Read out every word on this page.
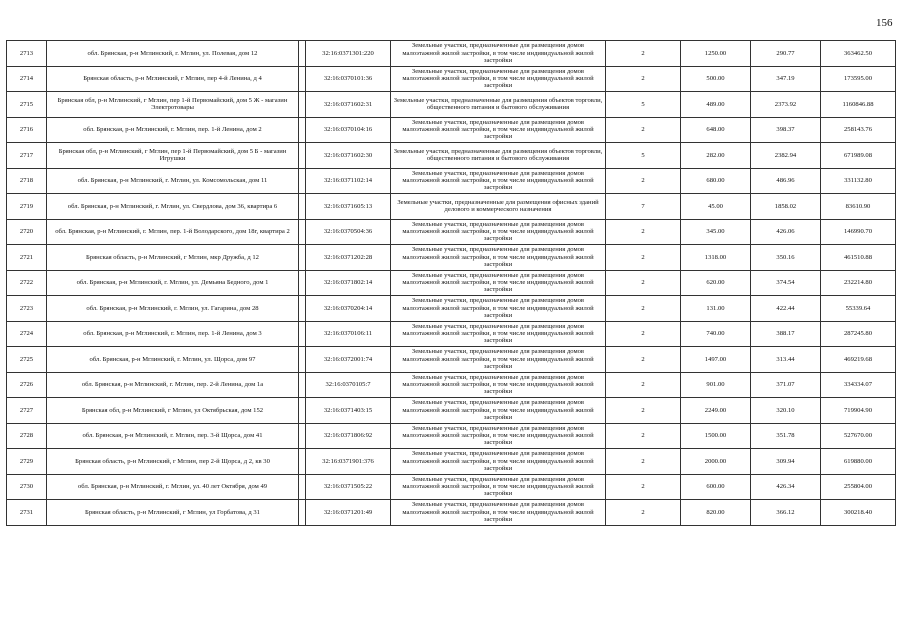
156
2713	обл. Брянская, р-н Мглинский, г. Мглин, ул. Полевая, дом 12		32:16:0371301:220	Земельные участки, предназначенные для размещения домов малоэтажной жилой застройки, в том числе индивидуальной жилой застройки	2	1250.00	290.77	363462.50
2714	Брянская область, р-н Мглинский, г Мглин, пер 4-й Ленина, д 4		32:16:0370101:36	Земельные участки, предназначенные для размещения домов малоэтажной жилой застройки, в том числе индивидуальной жилой застройки	2	500.00	347.19	173595.00
2715	Брянская обл, р-н Мглинский, г Мглин, пер 1-й Первомайский, дом 5 Ж - магазин Электротовары		32:16:0371602:31	Земельные участки, предназначенные для размещения объектов торговли, общественного питания и бытового обслуживания	5	489.00	2373.92	1160846.88
2716	обл. Брянская, р-н Мглинский, г. Мглин, пер. 1-й Ленина, дом 2		32:16:0370104:16	Земельные участки, предназначенные для размещения домов малоэтажной жилой застройки, в том числе индивидуальной жилой застройки	2	648.00	398.37	258143.76
2717	Брянская обл, р-н Мглинский, г Мглин, пер 1-й Первомайский, дом 5 Б - магазин Игрушки		32:16:0371602:30	Земельные участки, предназначенные для размещения объектов торговли, общественного питания и бытового обслуживания	5	282.00	2382.94	671989.08
2718	обл. Брянская, р-н Мглинский, г. Мглин, ул. Комсомольская, дом 11		32:16:0371102:14	Земельные участки, предназначенные для размещения домов малоэтажной жилой застройки, в том числе индивидуальной жилой застройки	2	680.00	486.96	331132.80
2719	обл. Брянская, р-н Мглинский, г. Мглин, ул. Свердлова, дом 36, квартира 6		32:16:0371605:13	Земельные участки, предназначенные для размещения офисных зданий делового и коммерческого назначения	7	45.00	1858.02	83610.90
2720	обл. Брянская, р-н Мглинский, г. Мглин, пер. 1-й Володарского, дом 18г, квартира 2		32:16:0370504:36	Земельные участки, предназначенные для размещения домов малоэтажной жилой застройки, в том числе индивидуальной жилой застройки	2	345.00	426.06	146990.70
2721	Брянская область, р-н Мглинский, г Мглин, мкр Дружба, д 12		32:16:0371202:28	Земельные участки, предназначенные для размещения домов малоэтажной жилой застройки, в том числе индивидуальной жилой застройки	2	1318.00	350.16	461510.88
2722	обл. Брянская, р-н Мглинский, г. Мглин, ул. Демьяна Бедного, дом 1		32:16:0371802:14	Земельные участки, предназначенные для размещения домов малоэтажной жилой застройки, в том числе индивидуальной жилой застройки	2	620.00	374.54	232214.80
2723	обл. Брянская, р-н Мглинский, г. Мглин, ул. Гагарина, дом 28		32:16:0370204:14	Земельные участки, предназначенные для размещения домов малоэтажной жилой застройки, в том числе индивидуальной жилой застройки	2	131.00	422.44	55339.64
2724	обл. Брянская, р-н Мглинский, г. Мглин, пер. 1-й Ленина, дом 3		32:16:0370106:11	Земельные участки, предназначенные для размещения домов малоэтажной жилой застройки, в том числе индивидуальной жилой застройки	2	740.00	388.17	287245.80
2725	обл. Брянская, р-н Мглинский, г. Мглин, ул. Щорса, дом 97		32:16:0372001:74	Земельные участки, предназначенные для размещения домов малоэтажной жилой застройки, в том числе индивидуальной жилой застройки	2	1497.00	313.44	469219.68
2726	обл. Брянская, р-н Мглинский, г. Мглин, пер. 2-й Ленина, дом 1а		32:16:0370105:7	Земельные участки, предназначенные для размещения домов малоэтажной жилой застройки, в том числе индивидуальной жилой застройки	2	901.00	371.07	334334.07
2727	Брянская обл, р-н Мглинский, г Мглин, ул Октябрьская, дом 152		32:16:0371403:15	Земельные участки, предназначенные для размещения домов малоэтажной жилой застройки, в том числе индивидуальной жилой застройки	2	2249.00	320.10	719904.90
2728	обл. Брянская, р-н Мглинский, г. Мглин, пер. 3-й Щорса, дом 41		32:16:0371806:92	Земельные участки, предназначенные для размещения домов малоэтажной жилой застройки, в том числе индивидуальной жилой застройки	2	1500.00	351.78	527670.00
2729	Брянская область, р-н Мглинский, г Мглин, пер 2-й Щорса, д 2, кв 30		32:16:0371901:376	Земельные участки, предназначенные для размещения домов малоэтажной жилой застройки, в том числе индивидуальной жилой застройки	2	2000.00	309.94	619880.00
2730	обл. Брянская, р-н Мглинский, г. Мглин, ул. 40 лет Октября, дом 49		32:16:0371505:22	Земельные участки, предназначенные для размещения домов малоэтажной жилой застройки, в том числе индивидуальной жилой застройки	2	600.00	426.34	255804.00
2731	Брянская область, р-н Мглинский, г Мглин, ул Горбатова, д 31		32:16:0371201:49	Земельные участки, предназначенные для размещения домов малоэтажной жилой застройки, в том числе индивидуальной жилой застройки	2	820.00	366.12	300218.40
